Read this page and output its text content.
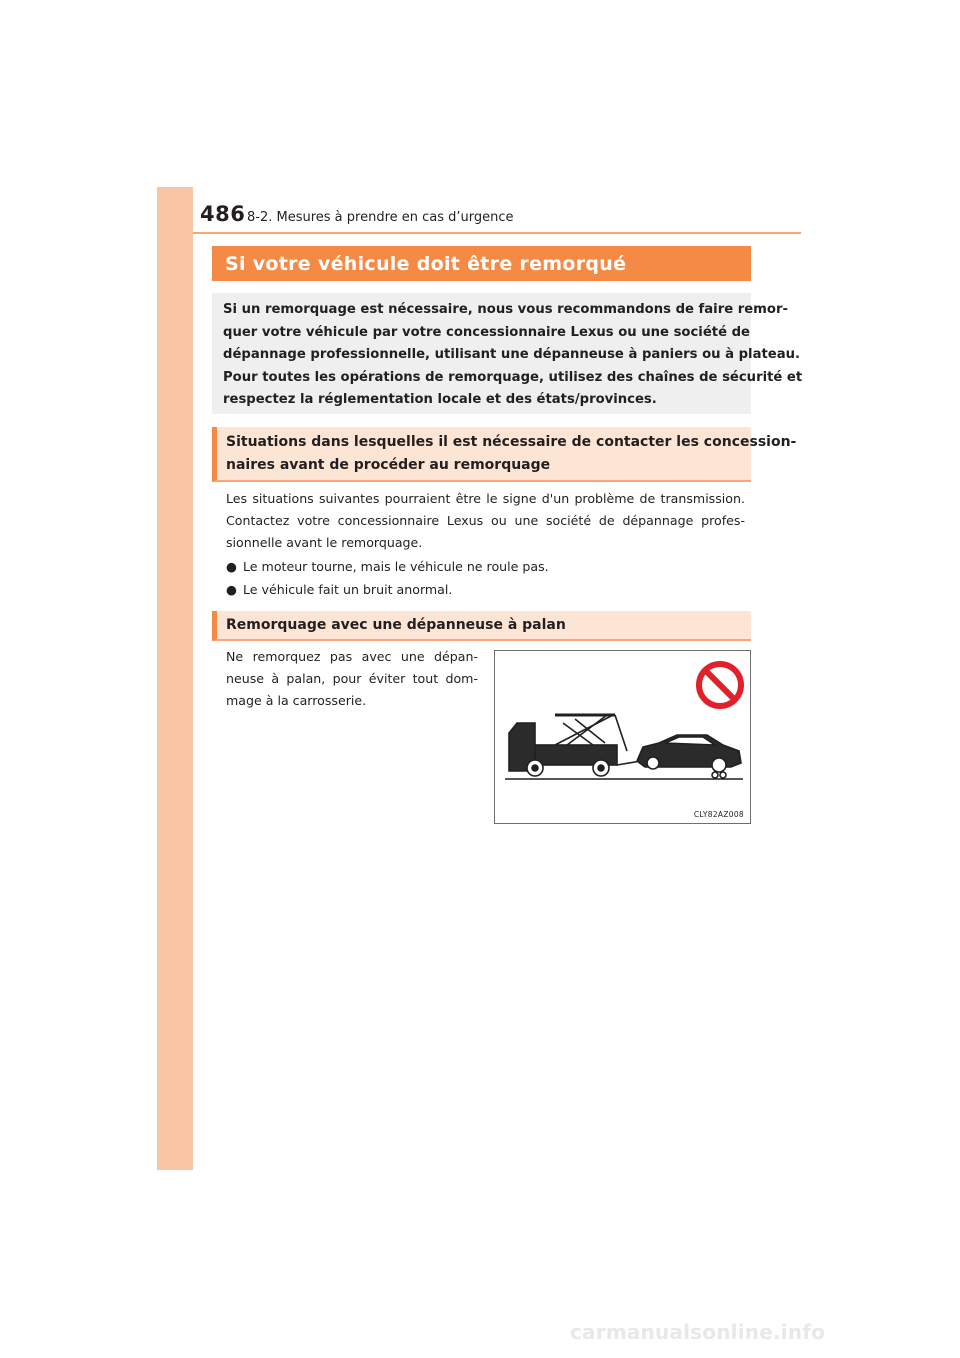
486 8-2. Mesures à prendre en cas d’urgence
Si votre véhicule doit être remorqué
Si un remorquage est nécessaire, nous vous recommandons de faire remor-
quer votre véhicule par votre concessionnaire Lexus ou une société de
dépannage professionnelle, utilisant une dépanneuse à paniers ou à plateau.
Pour toutes les opérations de remorquage, utilisez des chaînes de sécurité et
respectez la réglementation locale et des états/provinces.
Situations dans lesquelles il est nécessaire de contacter les concession-
naires avant de procéder au remorquage
Les situations suivantes pourraient être le signe d'un problème de transmission.
Contactez votre concessionnaire Lexus ou une société de dépannage profes-
sionnelle avant le remorquage.
● Le moteur tourne, mais le véhicule ne roule pas.
● Le véhicule fait un bruit anormal.
Remorquage avec une dépanneuse à palan
Ne remorquez pas avec une dépan-
neuse à palan, pour éviter tout dom-
mage à la carrosserie.
CLY82AZ008
carmanualsonline.info
